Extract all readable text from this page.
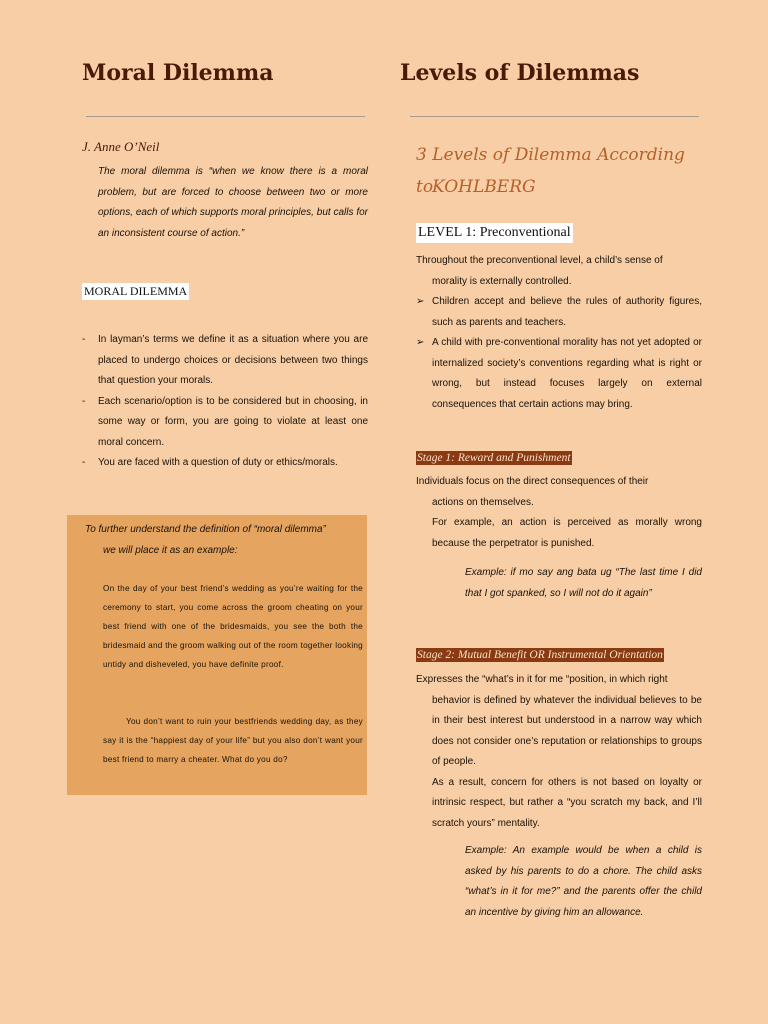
Moral Dilemma

J. Anne O’Neil

The moral dilemma is “when we know there is a moral problem, but are forced to choose between two or more options, each of which supports moral principles, but calls for an inconsistent course of action.”

MORAL DILEMMA
- In layman’s terms we define it as a situation where you are placed to undergo choices or decisions between two things that question your morals.
- Each scenario/option is to be considered but in choosing, in some way or form, you are going to violate at least one moral concern.
- You are faced with a question of duty or ethics/morals.

To further understand the definition of “moral dilemma”
we will place it as an example:

On the day of your best friend’s wedding as you’re waiting for the ceremony to start, you come across the groom cheating on your best friend with one of the bridesmaids, you see the both the bridesmaid and the groom walking out of the room together looking untidy and disheveled, you have definite proof.

You don’t want to ruin your bestfriends wedding day, as they say it is the “happiest day of your life” but you also don’t want your best friend to marry a cheater. What do you do?

Levels of Dilemmas

3 Levels of Dilemma According to

KOHLBERG

LEVEL 1: Preconventional

Throughout the preconventional level, a child’s sense of
morality is externally controlled.

➢ Children accept and believe the rules of authority figures, such as parents and teachers.
➢ A child with pre-conventional morality has not yet adopted or internalized society’s conventions regarding what is right or wrong, but instead focuses largely on external consequences that certain actions may bring.

Stage 1: Reward and Punishment

Individuals focus on the direct consequences of their
actions on themselves.
For example, an action is perceived as morally wrong because the perpetrator is punished.

Example: if mo say ang bata ug “The last time I did that I got spanked, so I will not do it again”

Stage 2: Mutual Benefit OR Instrumental Orientation

Expresses the “what’s in it for me “position, in which right
behavior is defined by whatever the individual believes to be in their best interest but understood in a narrow way which does not consider one’s reputation or relationships to groups of people.
As a result, concern for others is not based on loyalty or intrinsic respect, but rather a “you scratch my back, and I’ll scratch yours” mentality.

Example: An example would be when a child is asked by his parents to do a chore. The child asks “what’s in it for me?” and the parents offer the child an incentive by giving him an allowance.
